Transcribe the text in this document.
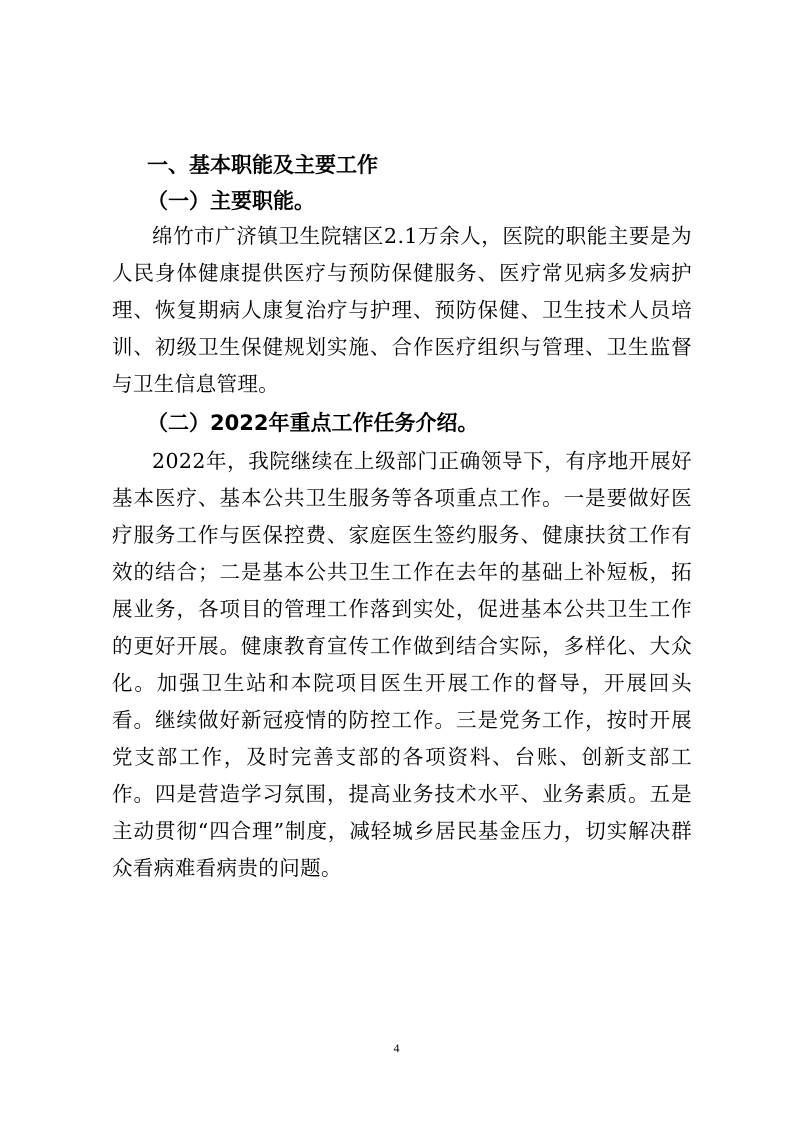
一、基本职能及主要工作
（一）主要职能。

绵竹市广济镇卫生院辖区2.1万余人，医院的职能主要是为人民身体健康提供医疗与预防保健服务、医疗常见病多发病护理、恢复期病人康复治疗与护理、预防保健、卫生技术人员培训、初级卫生保健规划实施、合作医疗组织与管理、卫生监督与卫生信息管理。

（二）2022年重点工作任务介绍。

2022年，我院继续在上级部门正确领导下，有序地开展好基本医疗、基本公共卫生服务等各项重点工作。一是要做好医疗服务工作与医保控费、家庭医生签约服务、健康扶贫工作有效的结合；二是基本公共卫生工作在去年的基础上补短板，拓展业务，各项目的管理工作落到实处，促进基本公共卫生工作的更好开展。健康教育宣传工作做到结合实际，多样化、大众化。加强卫生站和本院项目医生开展工作的督导，开展回头看。继续做好新冠疫情的防控工作。三是党务工作，按时开展党支部工作，及时完善支部的各项资料、台账、创新支部工作。四是营造学习氛围，提高业务技术水平、业务素质。五是主动贯彻“四合理”制度，减轻城乡居民基金压力，切实解决群众看病难看病贵的问题。

4
